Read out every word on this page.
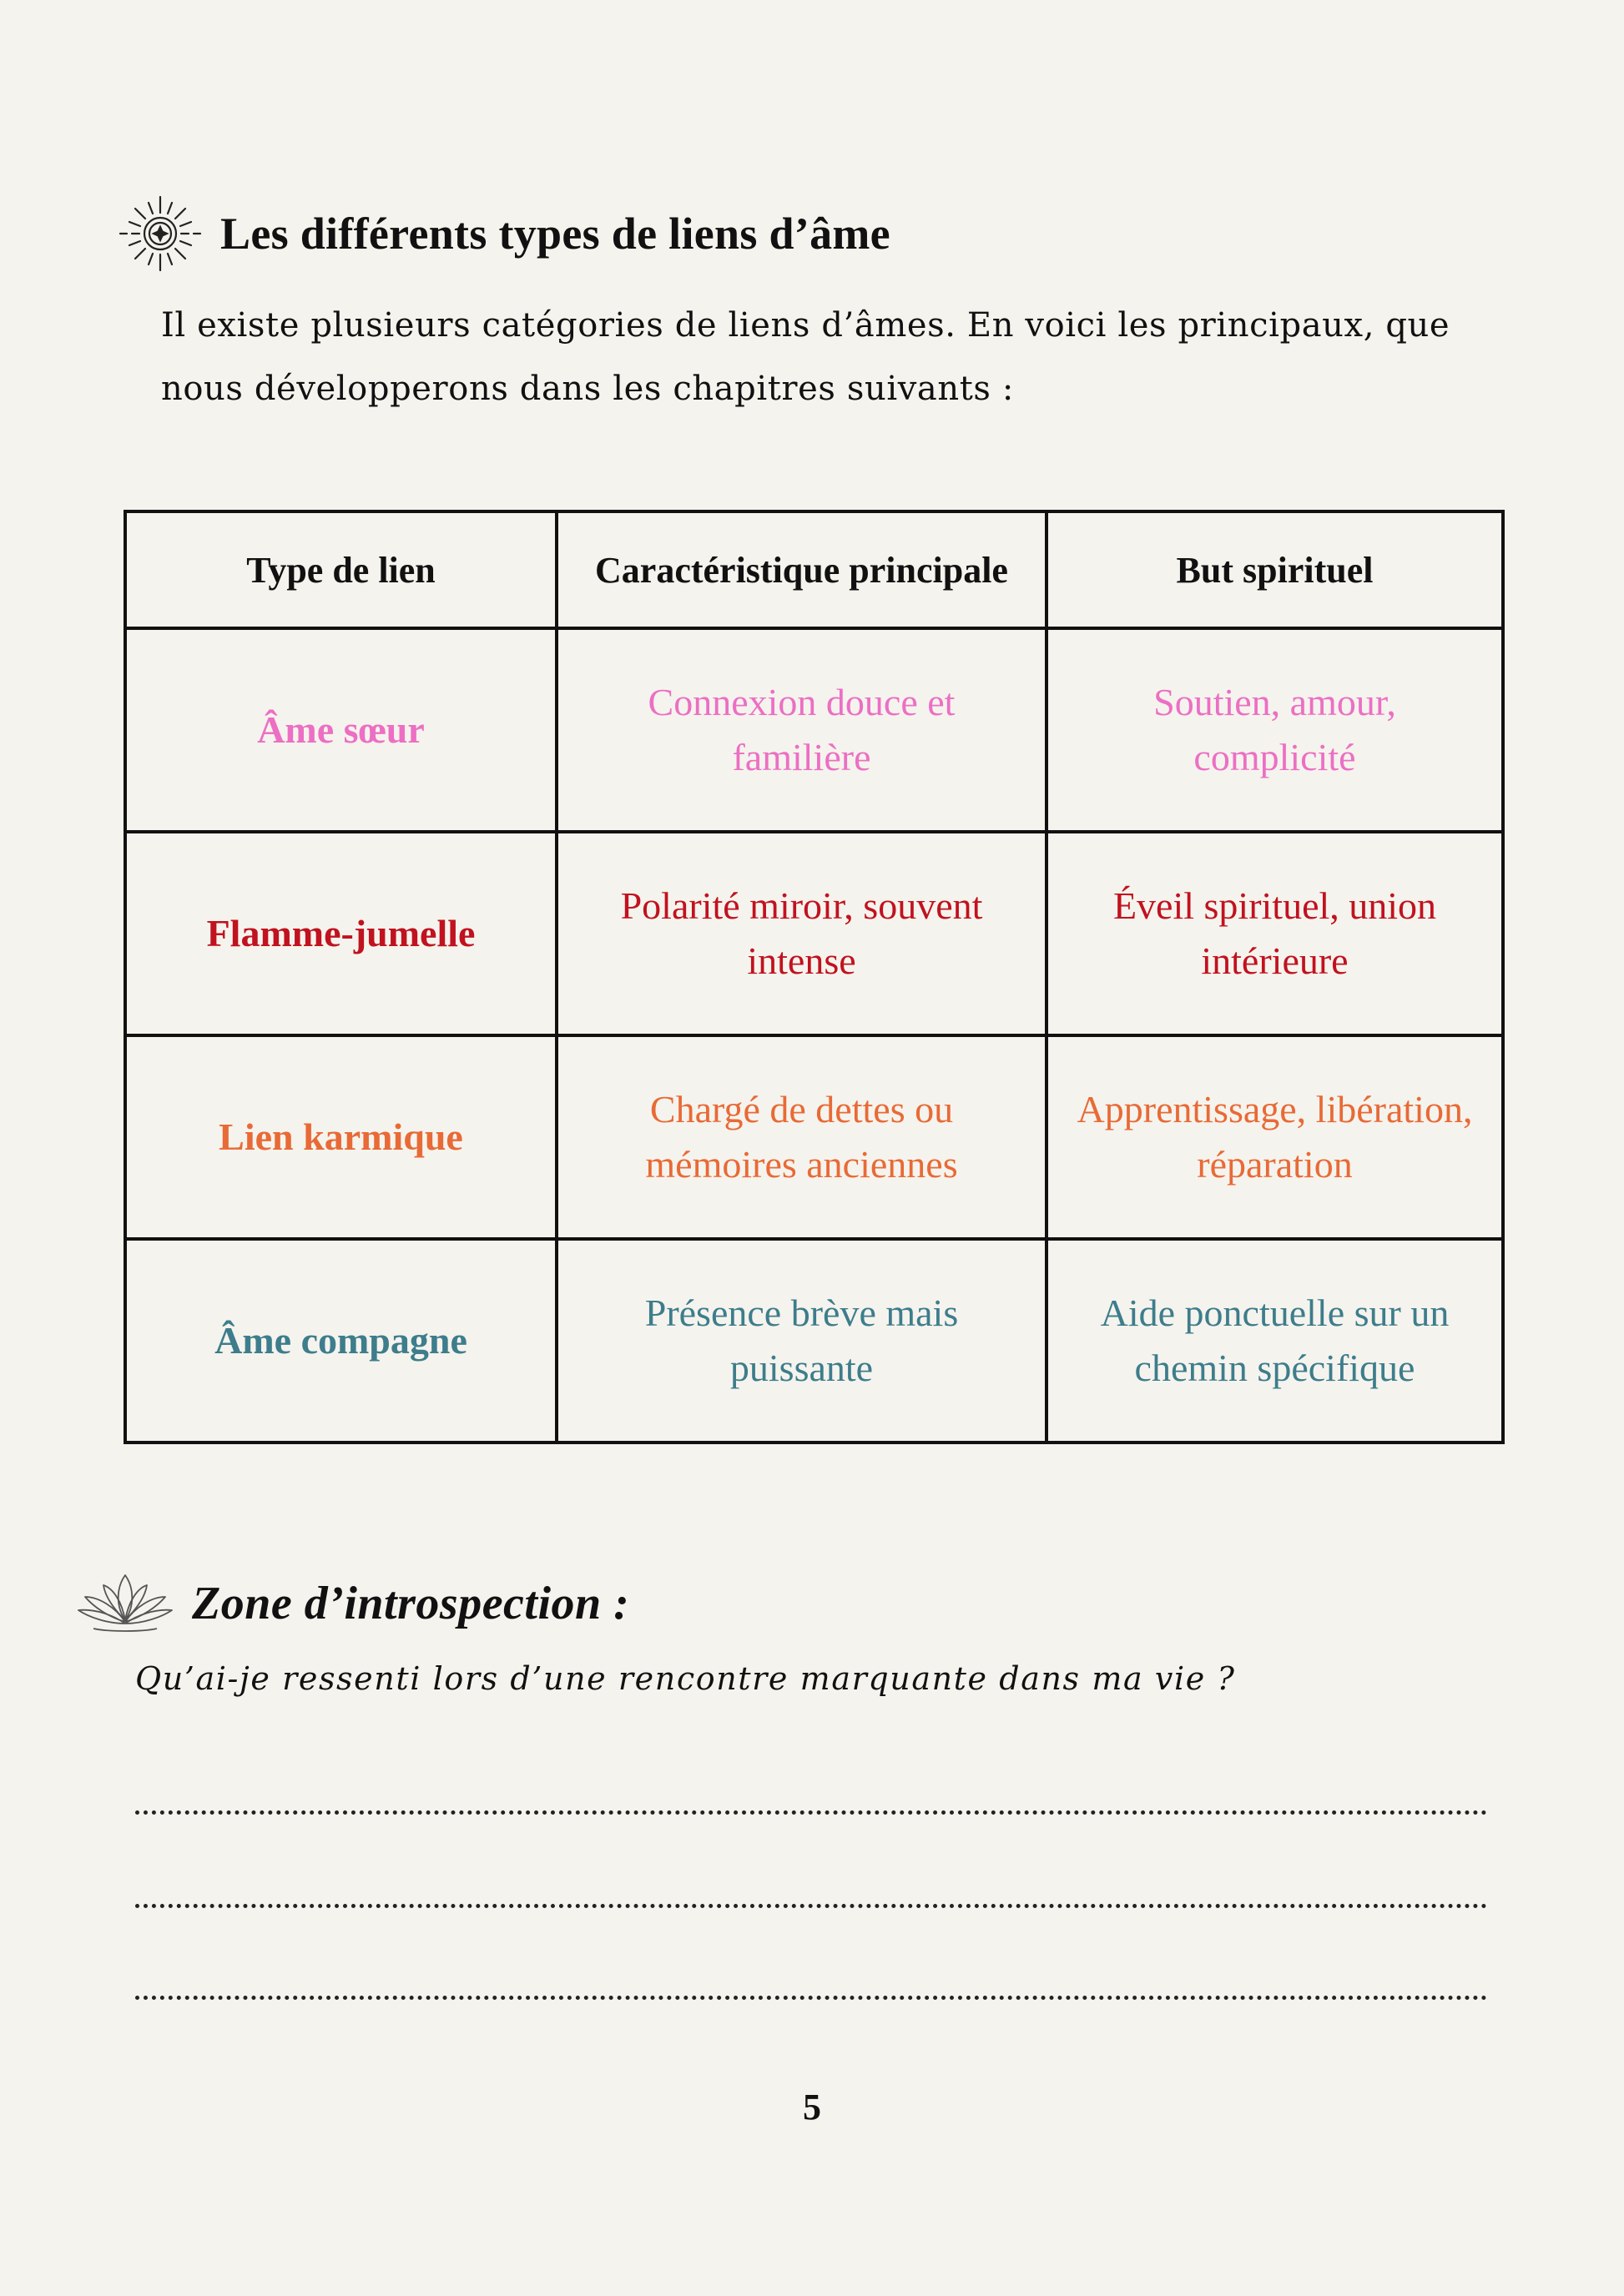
Les différents types de liens d’âme
Il existe plusieurs catégories de liens d’âmes. En voici les principaux, que nous développerons dans les chapitres suivants :
Type de lien	Caractéristique principale	But spirituel
Âme sœur	Connexion douce et familière	Soutien, amour, complicité
Flamme-jumelle	Polarité miroir, souvent intense	Éveil spirituel, union intérieure
Lien karmique	Chargé de dettes ou mémoires anciennes	Apprentissage, libération, réparation
Âme compagne	Présence brève mais puissante	Aide ponctuelle sur un chemin spécifique
Zone d’introspection :
Qu’ai-je ressenti lors d’une rencontre marquante dans ma vie ?
5
